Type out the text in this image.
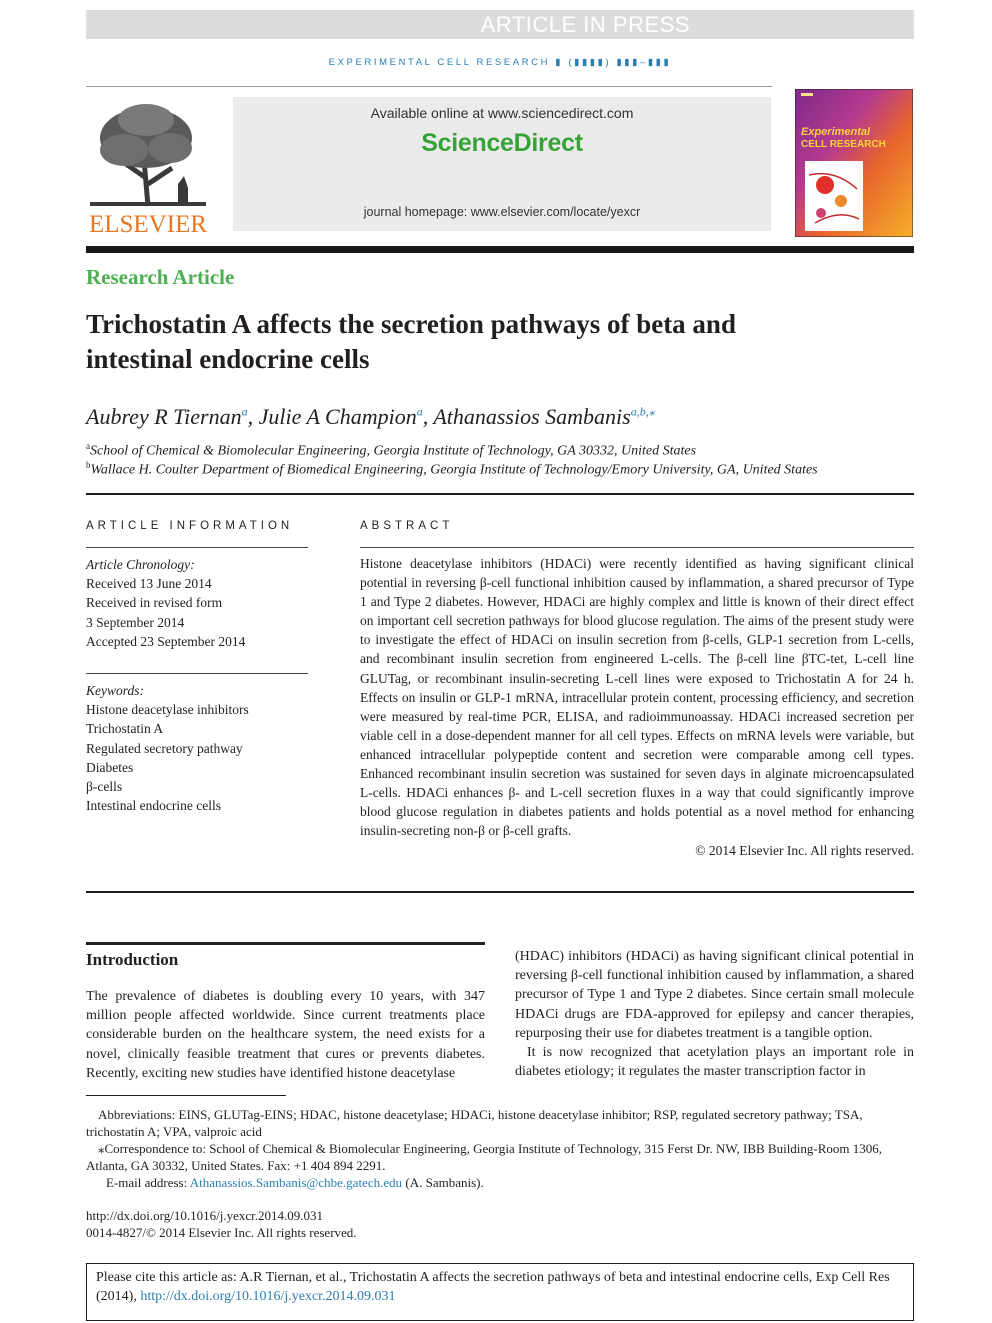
ARTICLE IN PRESS
EXPERIMENTAL CELL RESEARCH ▮ (▮▮▮▮) ▮▮▮–▮▮▮
ELSEVIER
Available online at www.sciencedirect.com
ScienceDirect
journal homepage: www.elsevier.com/locate/yexcr
Experimental
CELL RESEARCH
Research Article
Trichostatin A affects the secretion pathways of beta and intestinal endocrine cells
Aubrey R Tiernan$^a$, Julie A Champion$^a$, Athanassios Sambanis$^{a,b,⁎}$
$^a$School of Chemical & Biomolecular Engineering, Georgia Institute of Technology, GA 30332, United States
$^b$Wallace H. Coulter Department of Biomedical Engineering, Georgia Institute of Technology/Emory University, GA, United States
ARTICLE INFORMATION	ABSTRACT
Article Chronology:
Received 13 June 2014
Received in revised form
3 September 2014
Accepted 23 September 2014
Keywords:
Histone deacetylase inhibitors
Trichostatin A
Regulated secretory pathway
Diabetes
β-cells
Intestinal endocrine cells
Histone deacetylase inhibitors (HDACi) were recently identified as having significant clinical potential in reversing β-cell functional inhibition caused by inflammation, a shared precursor of Type 1 and Type 2 diabetes. However, HDACi are highly complex and little is known of their direct effect on important cell secretion pathways for blood glucose regulation. The aims of the present study were to investigate the effect of HDACi on insulin secretion from β-cells, GLP-1 secretion from L-cells, and recombinant insulin secretion from engineered L-cells. The β-cell line βTC-tet, L-cell line GLUTag, or recombinant insulin-secreting L-cell lines were exposed to Trichostatin A for 24 h. Effects on insulin or GLP-1 mRNA, intracellular protein content, processing efficiency, and secretion were measured by real-time PCR, ELISA, and radioimmunoassay. HDACi increased secretion per viable cell in a dose-dependent manner for all cell types. Effects on mRNA levels were variable, but enhanced intracellular polypeptide content and secretion were comparable among cell types. Enhanced recombinant insulin secretion was sustained for seven days in alginate microencapsulated L-cells. HDACi enhances β- and L-cell secretion fluxes in a way that could significantly improve blood glucose regulation in diabetes patients and holds potential as a novel method for enhancing insulin-secreting non-β or β-cell grafts.
© 2014 Elsevier Inc. All rights reserved.
Introduction
The prevalence of diabetes is doubling every 10 years, with 347 million people affected worldwide. Since current treatments place considerable burden on the healthcare system, the need exists for a novel, clinically feasible treatment that cures or prevents diabetes. Recently, exciting new studies have identified histone deacetylase
(HDAC) inhibitors (HDACi) as having significant clinical potential in reversing β-cell functional inhibition caused by inflammation, a shared precursor of Type 1 and Type 2 diabetes. Since certain small molecule HDACi drugs are FDA-approved for epilepsy and cancer therapies, repurposing their use for diabetes treatment is a tangible option.
It is now recognized that acetylation plays an important role in diabetes etiology; it regulates the master transcription factor in
Abbreviations: EINS, GLUTag-EINS; HDAC, histone deacetylase; HDACi, histone deacetylase inhibitor; RSP, regulated secretory pathway; TSA, trichostatin A; VPA, valproic acid
⁎Correspondence to: School of Chemical & Biomolecular Engineering, Georgia Institute of Technology, 315 Ferst Dr. NW, IBB Building-Room 1306, Atlanta, GA 30332, United States. Fax: +1 404 894 2291.
E-mail address: Athanassios.Sambanis@chbe.gatech.edu (A. Sambanis).
http://dx.doi.org/10.1016/j.yexcr.2014.09.031
0014-4827/© 2014 Elsevier Inc. All rights reserved.
Please cite this article as: A.R Tiernan, et al., Trichostatin A affects the secretion pathways of beta and intestinal endocrine cells, Exp Cell Res (2014), http://dx.doi.org/10.1016/j.yexcr.2014.09.031
